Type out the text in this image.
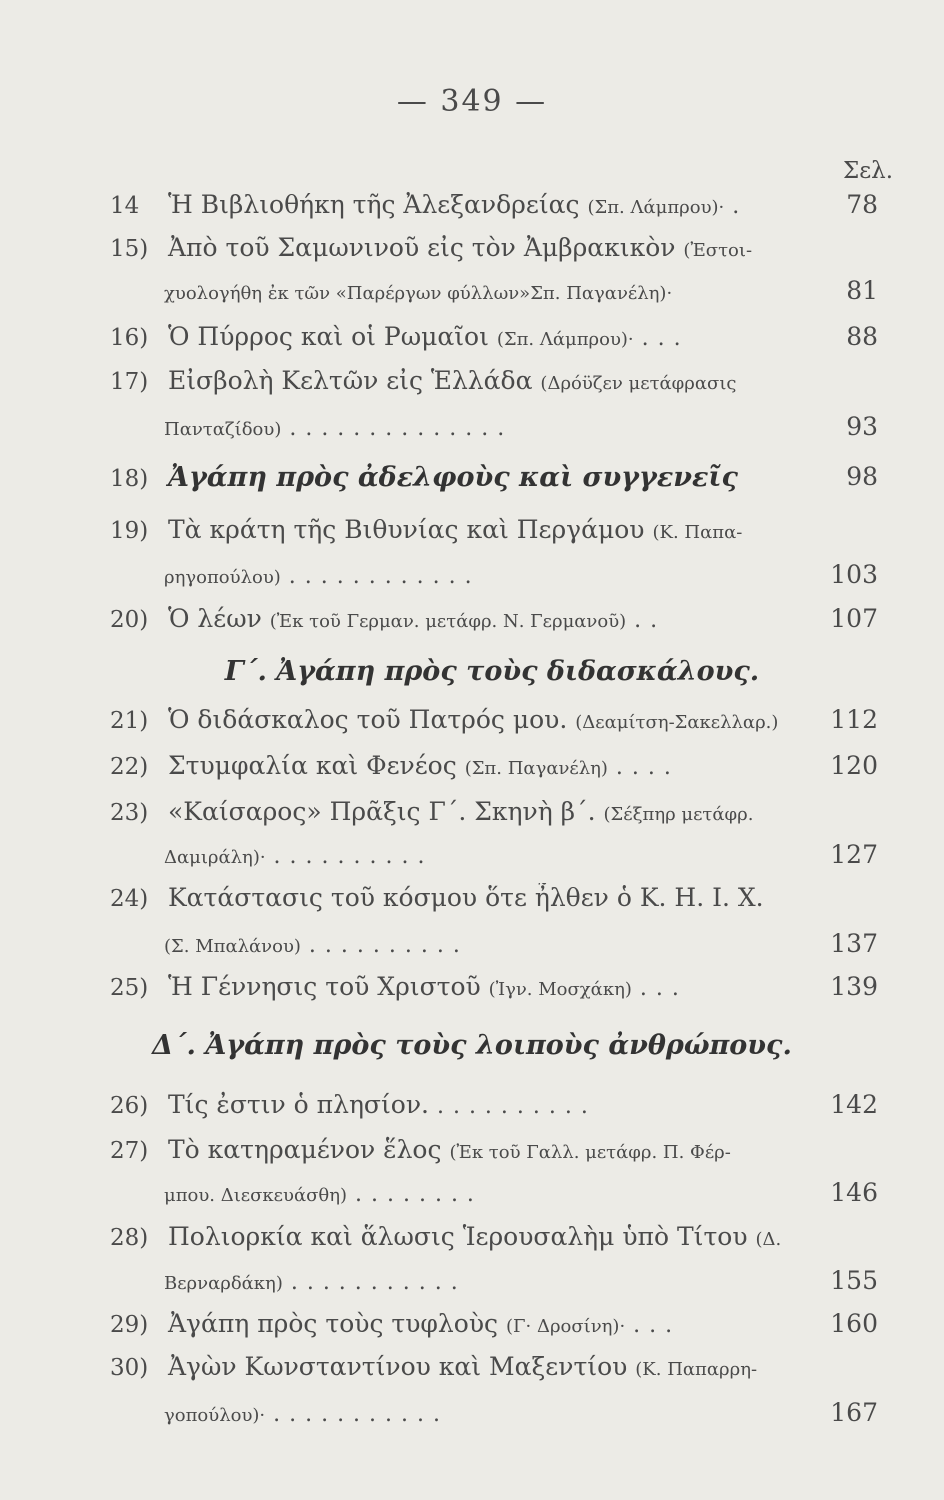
— 349 —
Σελ.
14 Ἡ Βιβλιοθήκη τῆς Ἀλεξανδρείας (Σπ. Λάμπρου)· .	78
15) Ἀπὸ τοῦ Σαμωνινοῦ εἰς τὸν Ἀμβρακικὸν (Ἐστοι-
χυολογήθη ἐκ τῶν «Παρέργων φύλλων»Σπ. Παγανέλη)·	81
16) Ὁ Πύρρος καὶ οἱ Ρωμαῖοι (Σπ. Λάμπρου)· ...	88
17) Εἰσβολὴ Κελτῶν εἰς Ἑλλάδα (Δρόϋζεν μετάφρασις
Πανταζίδου) ..............	93
18) Ἀγάπη πρὸς ἀδελφοὺς καὶ συγγενεῖς	98
19) Τὰ κράτη τῆς Βιθυνίας καὶ Περγάμου (Κ. Παπα-
ρηγοπούλου) ............	103
20) Ὁ λέων (Ἐκ τοῦ Γερμαν. μετάφρ. Ν. Γερμανοῦ) ..	107
Γ΄. Ἀγάπη πρὸς τοὺς διδασκάλους.
21) Ὁ διδάσκαλος τοῦ Πατρός μου. (Δεαμίτση-Σακελλαρ.) 112
22) Στυμφαλία καὶ Φενέος (Σπ. Παγανέλη) ....	120
23) «Καίσαρος» Πρᾶξις Γ΄. Σκηνὴ β΄. (Σέξπηρ μετάφρ.
Δαμιράλη)· ..........	127
24) Κατάστασις τοῦ κόσμου ὅτε ἦλθεν ὁ Κ. Η. Ι. Χ.
(Σ. Μπαλάνου) ..........	137
25) Ἡ Γέννησις τοῦ Χριστοῦ (Ἰγν. Μοσχάκη) ...	139
Δ΄. Ἀγάπη πρὸς τοὺς λοιποὺς ἀνθρώπους.
26) Τίς ἐστιν ὁ πλησίον. ..........	142
27) Τὸ κατηραμένον ἕλος (Ἐκ τοῦ Γαλλ. μετάφρ. Π. Φέρ-
μπου. Διεσκευάσθη) ........	146
28) Πολιορκία καὶ ἅλωσις Ἱερουσαλὴμ ὑπὸ Τίτου (Δ.
Βερναρδάκη) ...........	155
29) Ἀγάπη πρὸς τοὺς τυφλοὺς (Γ· Δροσίνη)· ...	160
30) Ἀγὼν Κωνσταντίνου καὶ Μαξεντίου (Κ. Παπαρρη-
γοπούλου)· ...........	167
